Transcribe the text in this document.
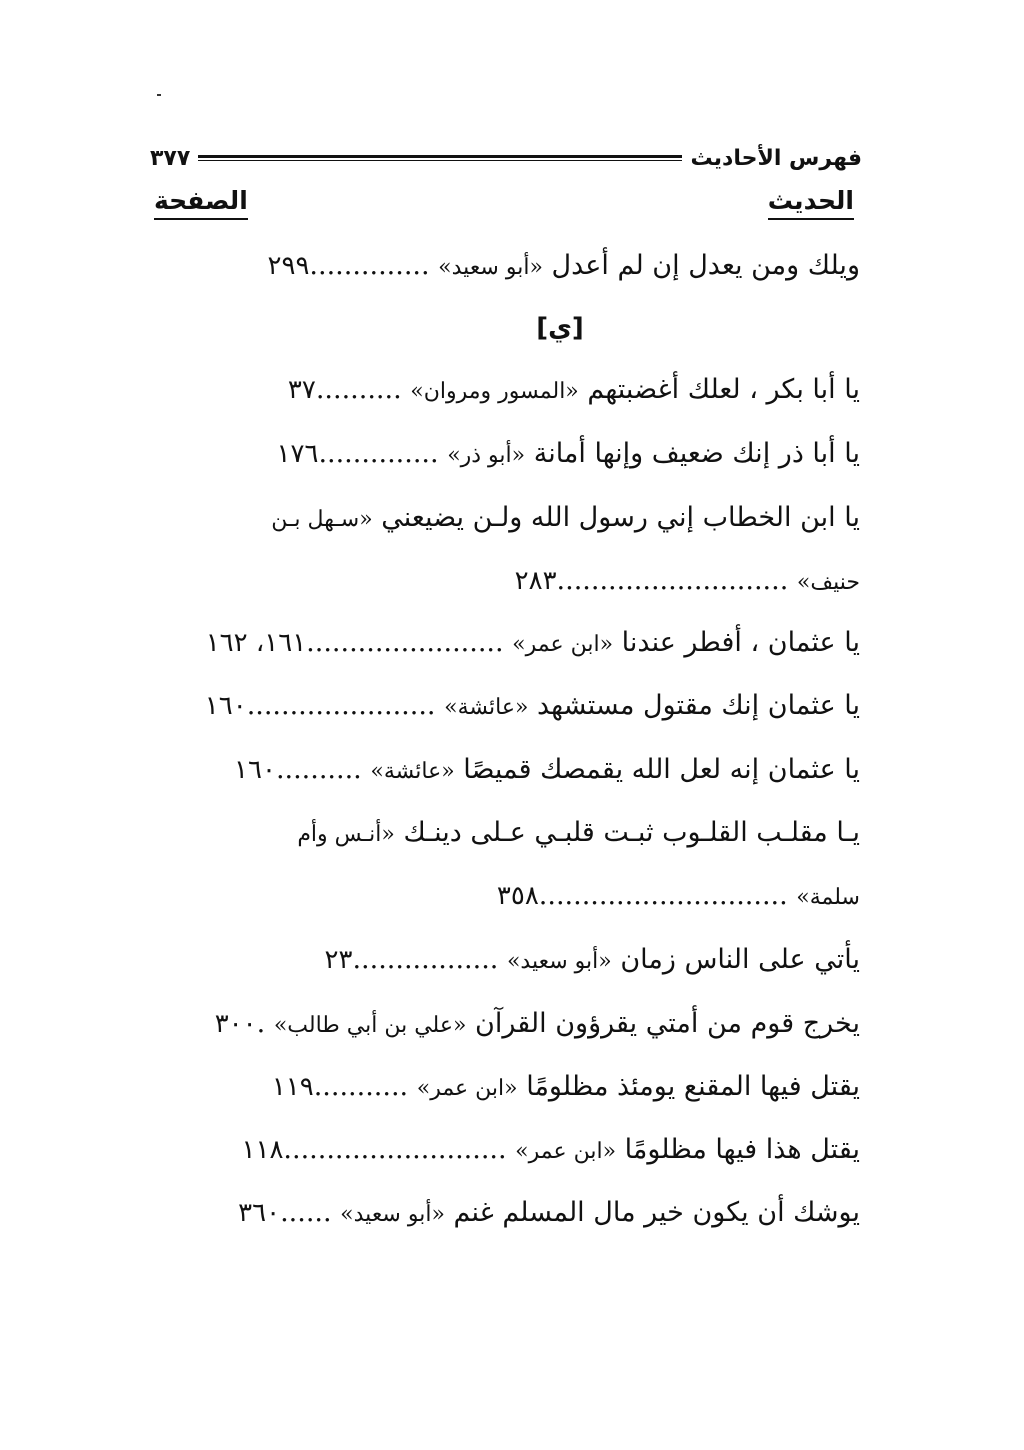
فهرس الأحاديث
٣٧٧
الحديث
الصفحة
ويلك ومن يعدل إن لم أعدل «أبو سعيد» ..............٢٩٩
[ي]
يا أبا بكر ، لعلك أغضبتهم «المسور ومروان» ..........٣٧
يا أبا ذر إنك ضعيف وإنها أمانة «أبو ذر» ..............١٧٦
يا ابن الخطاب إني رسول الله ولـن يضيعني «سـهل بـن
حنيف» ...........................٢٨٣
يا عثمان ، أفطر عندنا «ابن عمر» .......................١٦١، ١٦٢
يا عثمان إنك مقتول مستشهد «عائشة» ......................١٦٠
يا عثمان إنه لعل الله يقمصك قميصًا «عائشة» ..........١٦٠
يـا مقلـب القلـوب ثبـت قلبـي عـلى دينـك «أنـس وأم
سلمة» .............................٣٥٨
يأتي على الناس زمان «أبو سعيد» .................٢٣
يخرج قوم من أمتي يقرؤون القرآن «علي بن أبي طالب» .٣٠٠
يقتل فيها المقنع يومئذ مظلومًا «ابن عمر» ...........١١٩
يقتل هذا فيها مظلومًا «ابن عمر» ..........................١١٨
يوشك أن يكون خير مال المسلم غنم «أبو سعيد» ......٣٦٠
